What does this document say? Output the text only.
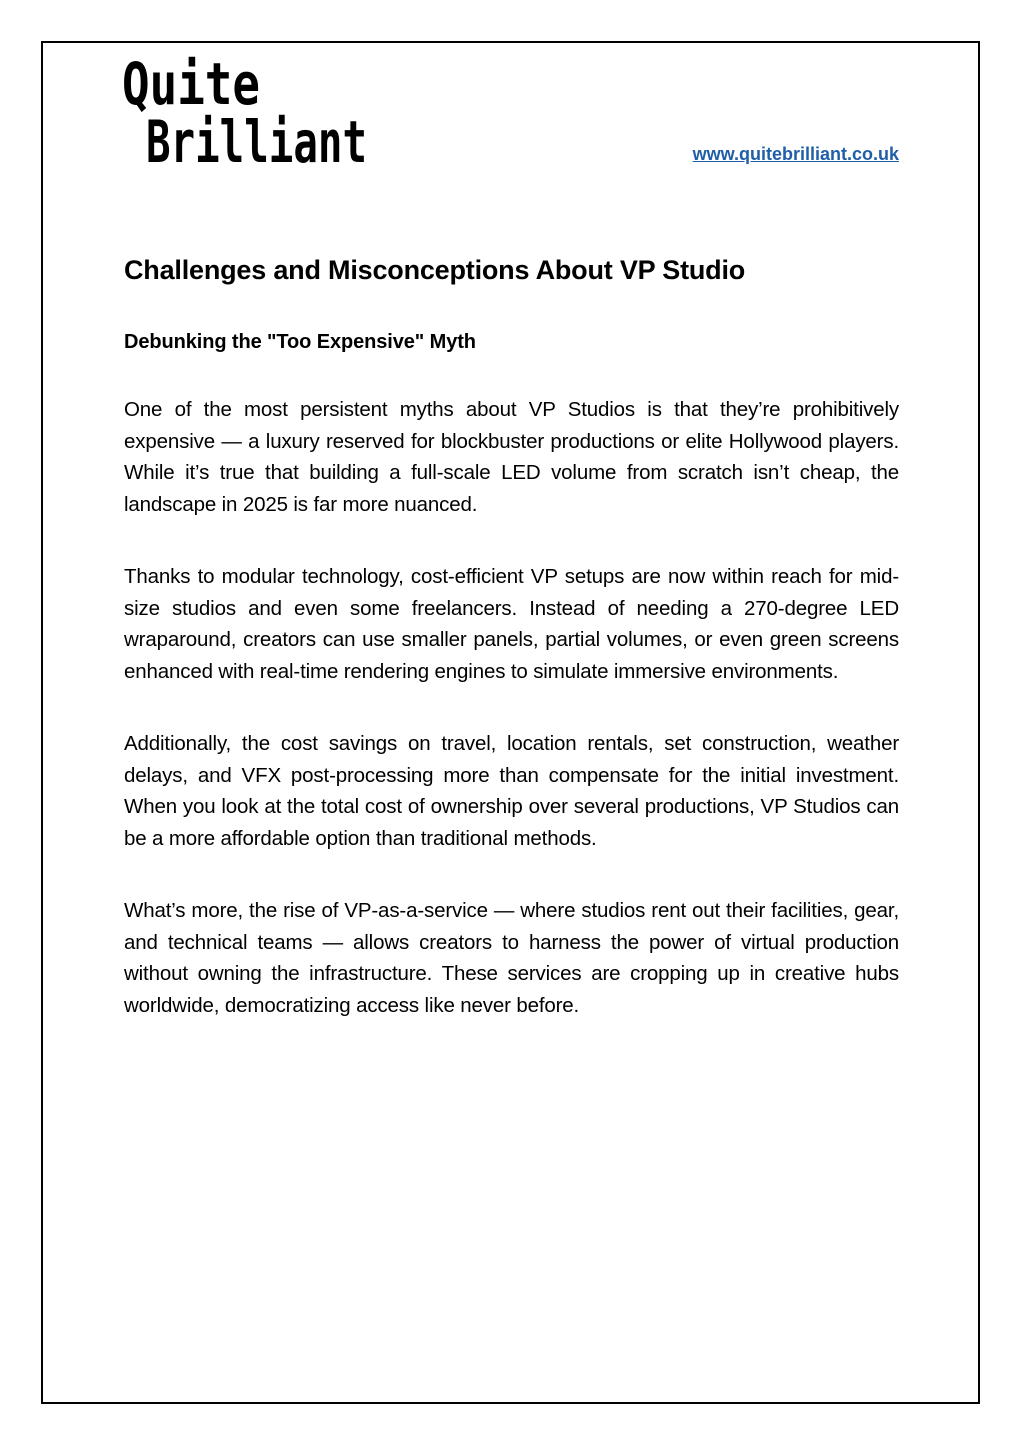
Quite
Brilliant	www.quitebrilliant.co.uk
Challenges and Misconceptions About VP Studio
Debunking the "Too Expensive" Myth

One of the most persistent myths about VP Studios is that they’re prohibitively expensive — a luxury reserved for blockbuster productions or elite Hollywood players. While it’s true that building a full-scale LED volume from scratch isn’t cheap, the landscape in 2025 is far more nuanced.

Thanks to modular technology, cost-efficient VP setups are now within reach for mid-size studios and even some freelancers. Instead of needing a 270-degree LED wraparound, creators can use smaller panels, partial volumes, or even green screens enhanced with real-time rendering engines to simulate immersive environments.

Additionally, the cost savings on travel, location rentals, set construction, weather delays, and VFX post-processing more than compensate for the initial investment. When you look at the total cost of ownership over several productions, VP Studios can be a more affordable option than traditional methods.

What’s more, the rise of VP-as-a-service — where studios rent out their facilities, gear, and technical teams — allows creators to harness the power of virtual production without owning the infrastructure. These services are cropping up in creative hubs worldwide, democratizing access like never before.
